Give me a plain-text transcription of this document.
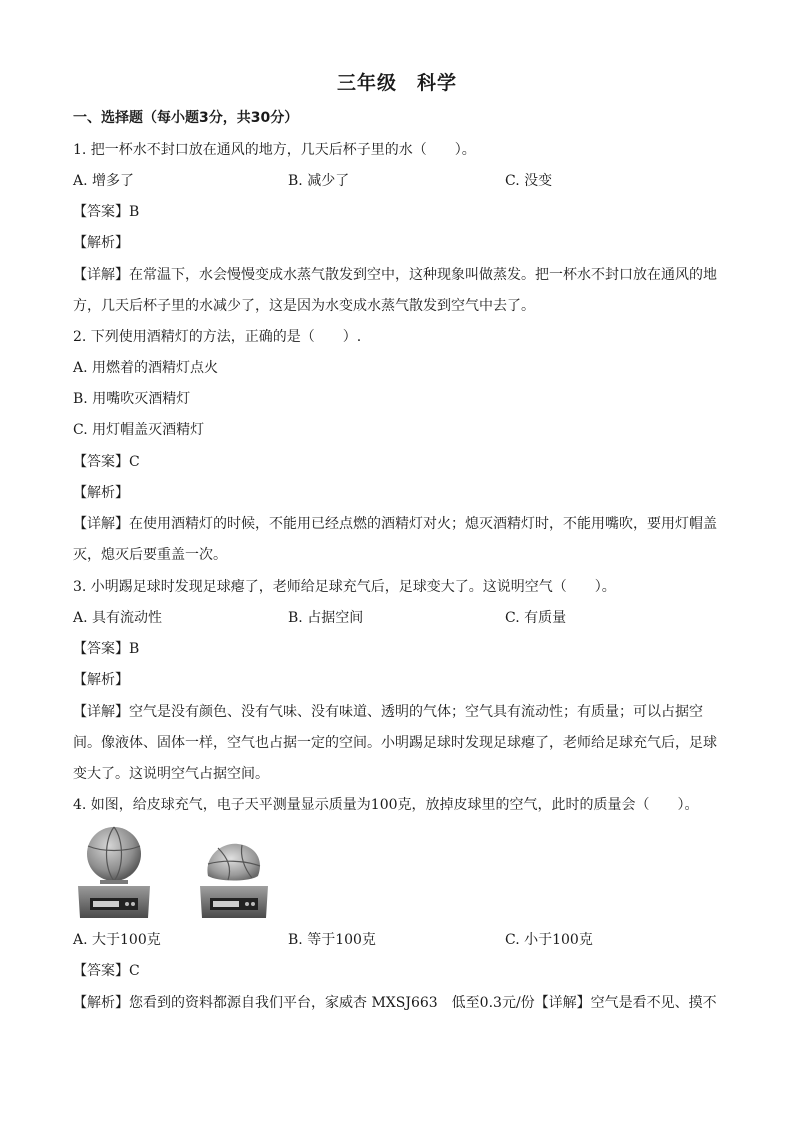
三年级 科学
一、选择题（每小题3分，共30分）
1. 把一杯水不封口放在通风的地方，几天后杯子里的水（　　）。
A. 增多了	B. 减少了	C. 没变
【答案】B
【解析】
【详解】在常温下，水会慢慢变成水蒸气散发到空中，这种现象叫做蒸发。把一杯水不封口放在通风的地
方，几天后杯子里的水减少了，这是因为水变成水蒸气散发到空气中去了。
2. 下列使用酒精灯的方法，正确的是（　　）.
A. 用燃着的酒精灯点火
B. 用嘴吹灭酒精灯
C. 用灯帽盖灭酒精灯
【答案】C
【解析】
【详解】在使用酒精灯的时候，不能用已经点燃的酒精灯对火；熄灭酒精灯时，不能用嘴吹，要用灯帽盖
灭，熄灭后要重盖一次。
3. 小明踢足球时发现足球瘪了，老师给足球充气后，足球变大了。这说明空气（　　）。
A. 具有流动性	B. 占据空间	C. 有质量
【答案】B
【解析】
【详解】空气是没有颜色、没有气味、没有味道、透明的气体；空气具有流动性；有质量；可以占据空
间。像液体、固体一样，空气也占据一定的空间。小明踢足球时发现足球瘪了，老师给足球充气后，足球
变大了。这说明空气占据空间。
4. 如图，给皮球充气，电子天平测量显示质量为100克，放掉皮球里的空气，此时的质量会（　　）。
A. 大于100克	B. 等于100克	C. 小于100克
【答案】C
【解析】您看到的资料都源自我们平台，家威杏 MXSJ663　低至0.3元/份【详解】空气是看不见、摸不
